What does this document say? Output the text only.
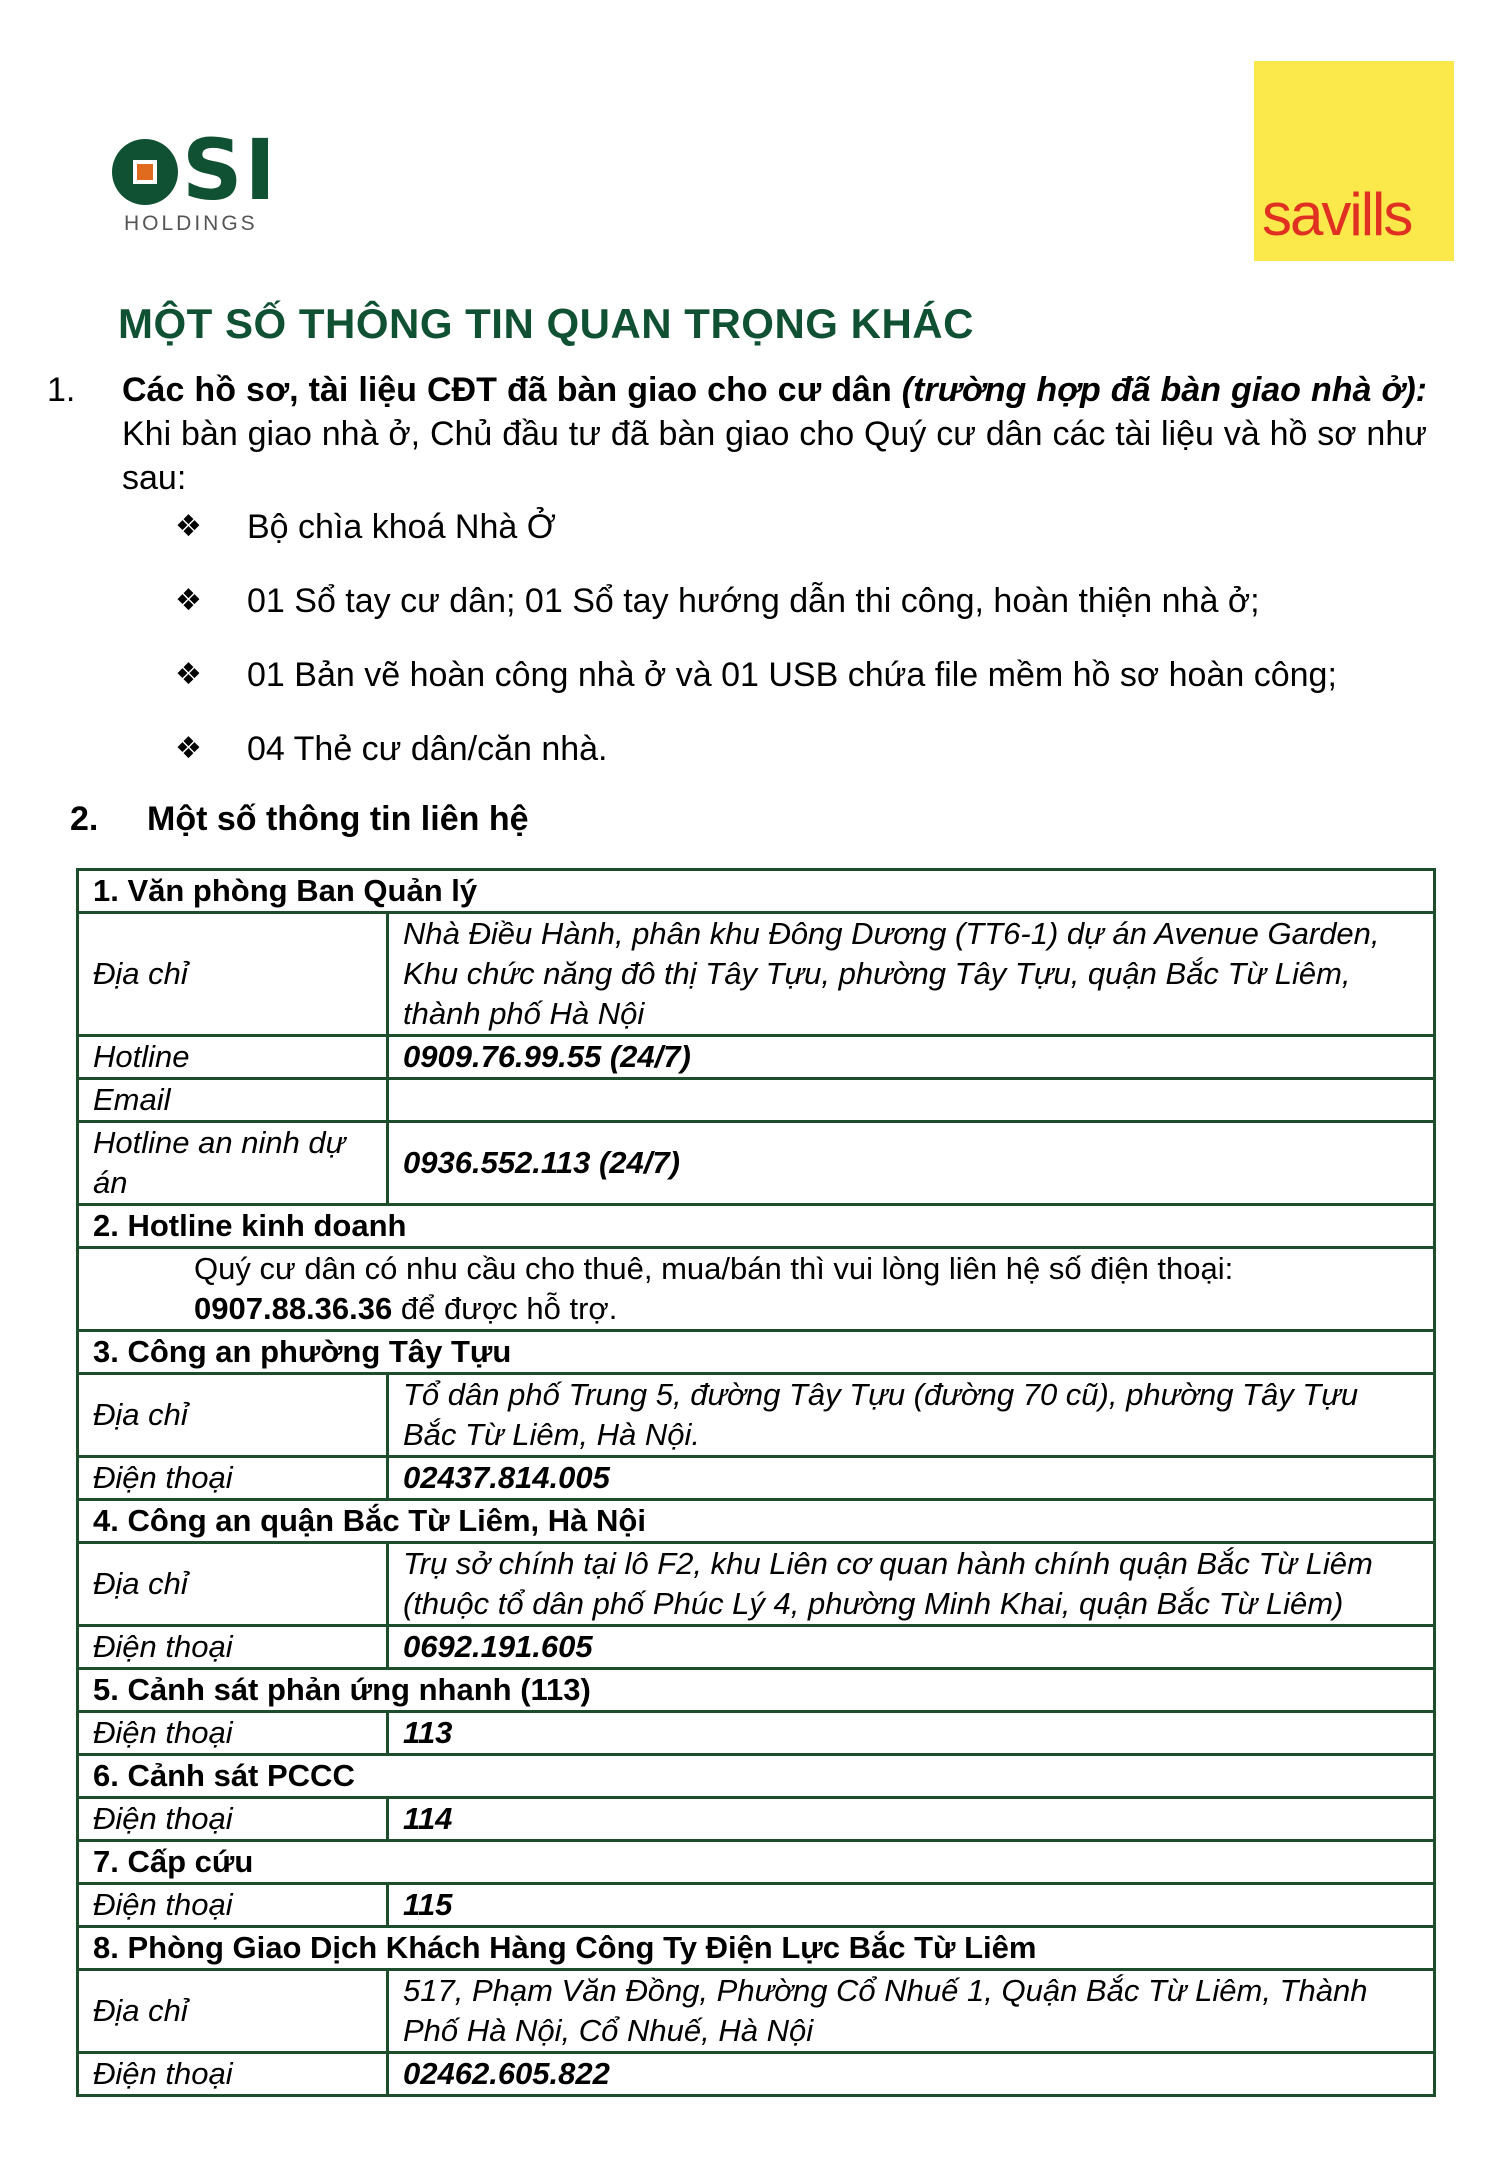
SI
HOLDINGS	savills
MỘT SỐ THÔNG TIN QUAN TRỌNG KHÁC
1. Các hồ sơ, tài liệu CĐT đã bàn giao cho cư dân (trường hợp đã bàn giao nhà ở): Khi bàn giao nhà ở, Chủ đầu tư đã bàn giao cho Quý cư dân các tài liệu và hồ sơ như sau:
❖ Bộ chìa khoá Nhà Ở
❖ 01 Sổ tay cư dân; 01 Sổ tay hướng dẫn thi công, hoàn thiện nhà ở;
❖ 01 Bản vẽ hoàn công nhà ở và 01 USB chứa file mềm hồ sơ hoàn công;
❖ 04 Thẻ cư dân/căn nhà.
2. Một số thông tin liên hệ
1. Văn phòng Ban Quản lý	
Địa chỉ	Nhà Điều Hành, phân khu Đông Dương (TT6-1) dự án Avenue Garden, Khu chức năng đô thị Tây Tựu, phường Tây Tựu, quận Bắc Từ Liêm, thành phố Hà Nội
Hotline	0909.76.99.55 (24/7)
Email	
Hotline an ninh dự án	0936.552.113 (24/7)
2. Hotline kinh doanh	
Quý cư dân có nhu cầu cho thuê, mua/bán thì vui lòng liên hệ số điện thoại:
0907.88.36.36 để được hỗ trợ.	
3. Công an phường Tây Tựu	
Địa chỉ	Tổ dân phố Trung 5, đường Tây Tựu (đường 70 cũ), phường Tây Tựu Bắc Từ Liêm, Hà Nội.
Điện thoại	02437.814.005
4. Công an quận Bắc Từ Liêm, Hà Nội	
Địa chỉ	Trụ sở chính tại lô F2, khu Liên cơ quan hành chính quận Bắc Từ Liêm (thuộc tổ dân phố Phúc Lý 4, phường Minh Khai, quận Bắc Từ Liêm)
Điện thoại	0692.191.605
5. Cảnh sát phản ứng nhanh (113)	
Điện thoại	113
6. Cảnh sát PCCC	
Điện thoại	114
7. Cấp cứu	
Điện thoại	115
8. Phòng Giao Dịch Khách Hàng Công Ty Điện Lực Bắc Từ Liêm	
Địa chỉ	517, Phạm Văn Đồng, Phường Cổ Nhuế 1, Quận Bắc Từ Liêm, Thành Phố Hà Nội, Cổ Nhuế, Hà Nội
Điện thoại	02462.605.822
